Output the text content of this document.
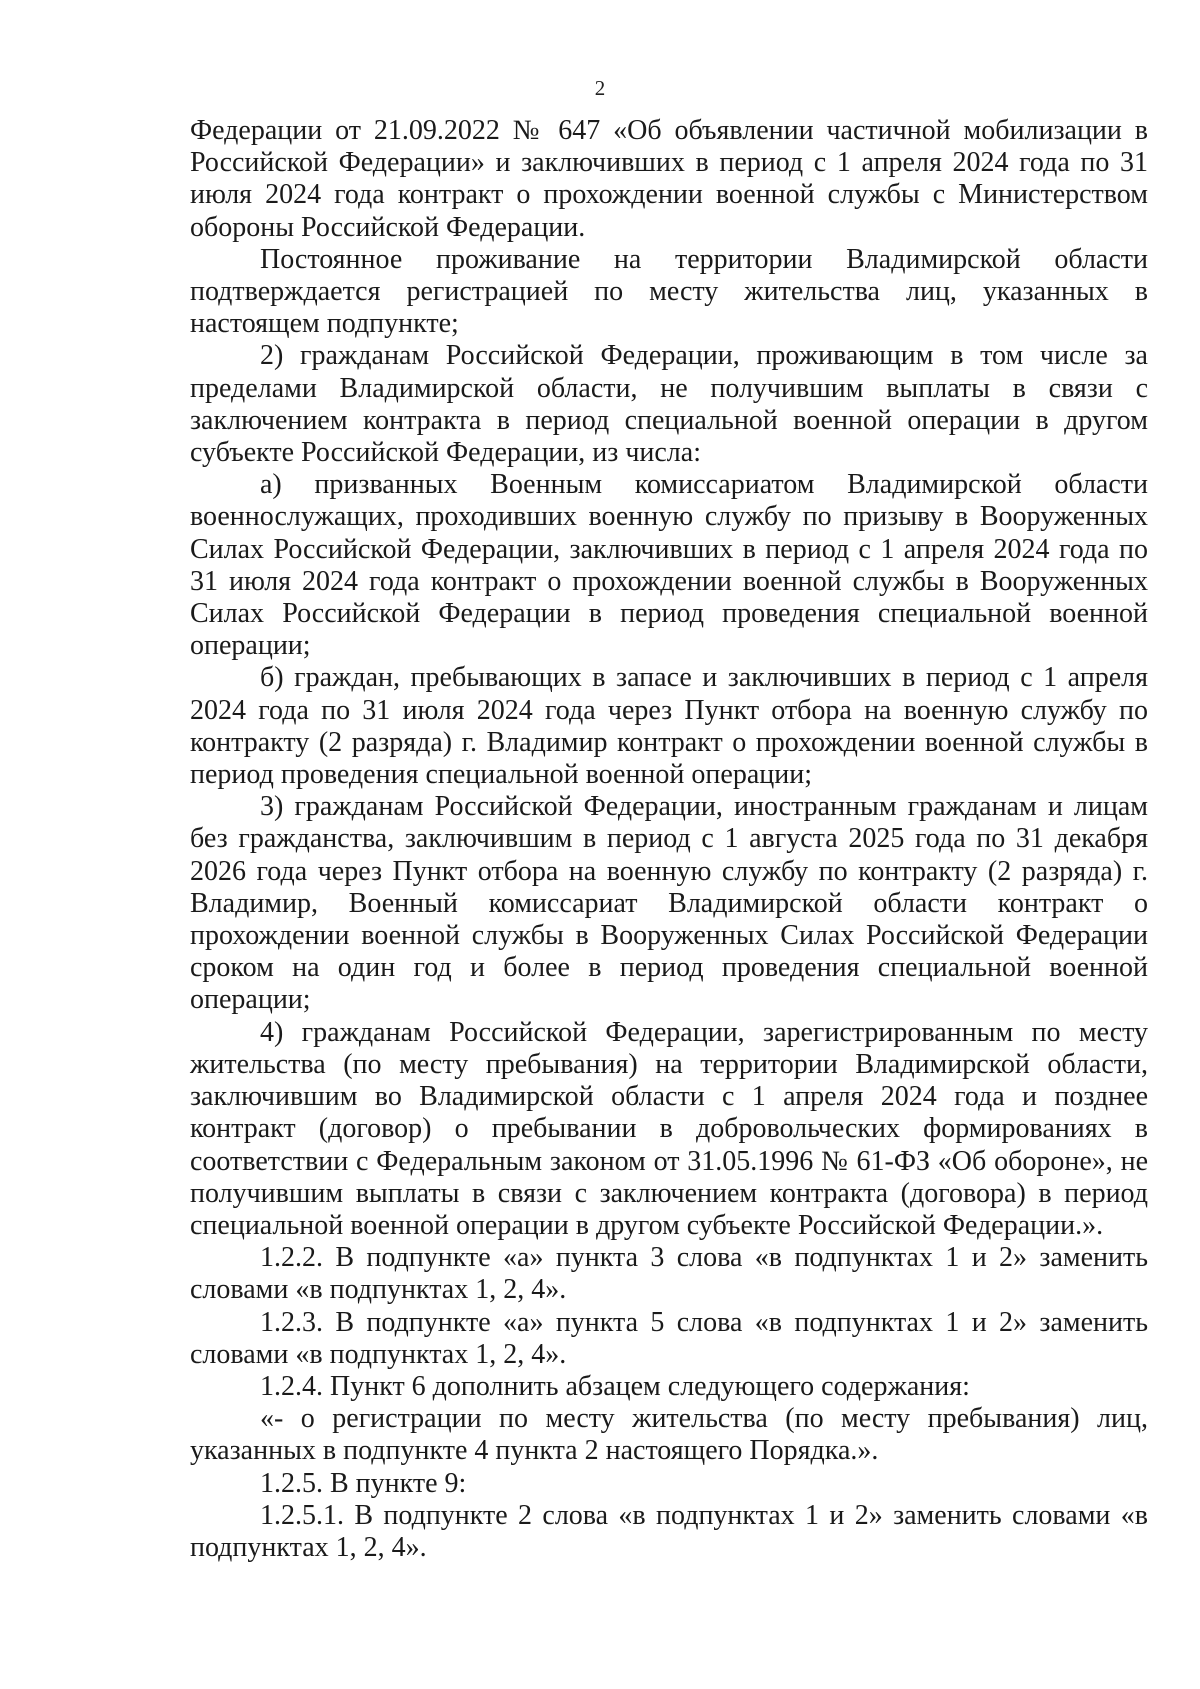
2

Федерации от 21.09.2022 № 647 «Об объявлении частичной мобилизации в Российской Федерации» и заключивших в период с 1 апреля 2024 года по 31 июля 2024 года контракт о прохождении военной службы с Министерством обороны Российской Федерации.

Постоянное проживание на территории Владимирской области подтверждается регистрацией по месту жительства лиц, указанных в настоящем подпункте;

2) гражданам Российской Федерации, проживающим в том числе за пределами Владимирской области, не получившим выплаты в связи с заключением контракта в период специальной военной операции в другом субъекте Российской Федерации, из числа:

а) призванных Военным комиссариатом Владимирской области военнослужащих, проходивших военную службу по призыву в Вооруженных Силах Российской Федерации, заключивших в период с 1 апреля 2024 года по 31 июля 2024 года контракт о прохождении военной службы в Вооруженных Силах Российской Федерации в период проведения специальной военной операции;

б) граждан, пребывающих в запасе и заключивших в период с 1 апреля 2024 года по 31 июля 2024 года через Пункт отбора на военную службу по контракту (2 разряда) г. Владимир контракт о прохождении военной службы в период проведения специальной военной операции;

3) гражданам Российской Федерации, иностранным гражданам и лицам без гражданства, заключившим в период с 1 августа 2025 года по 31 декабря 2026 года через Пункт отбора на военную службу по контракту (2 разряда) г. Владимир, Военный комиссариат Владимирской области контракт о прохождении военной службы в Вооруженных Силах Российской Федерации сроком на один год и более в период проведения специальной военной операции;

4) гражданам Российской Федерации, зарегистрированным по месту жительства (по месту пребывания) на территории Владимирской области, заключившим во Владимирской области с 1 апреля 2024 года и позднее контракт (договор) о пребывании в добровольческих формированиях в соответствии с Федеральным законом от 31.05.1996 № 61-ФЗ «Об обороне», не получившим выплаты в связи с заключением контракта (договора) в период специальной военной операции в другом субъекте Российской Федерации.».

1.2.2. В подпункте «а» пункта 3 слова «в подпунктах 1 и 2» заменить словами «в подпунктах 1, 2, 4».

1.2.3. В подпункте «а» пункта 5 слова «в подпунктах 1 и 2» заменить словами «в подпунктах 1, 2, 4».

1.2.4. Пункт 6 дополнить абзацем следующего содержания:

«- о регистрации по месту жительства (по месту пребывания) лиц, указанных в подпункте 4 пункта 2 настоящего Порядка.».

1.2.5. В пункте 9:

1.2.5.1. В подпункте 2 слова «в подпунктах 1 и 2» заменить словами «в подпунктах 1, 2, 4».
